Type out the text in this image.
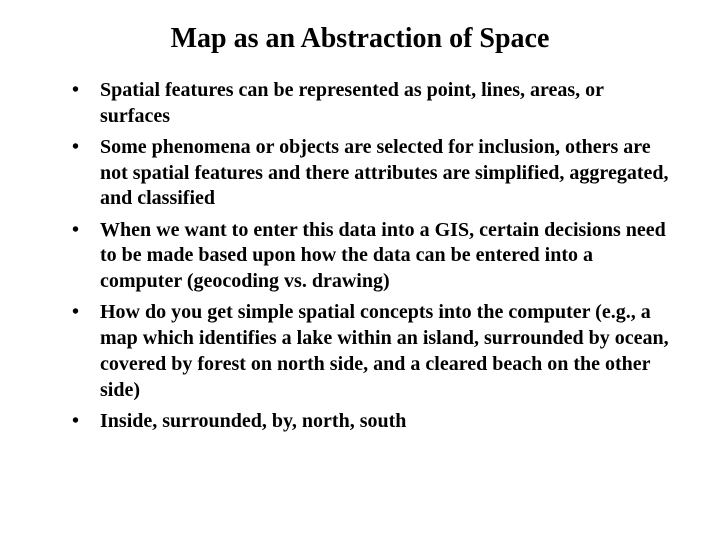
Map as an Abstraction of Space
•	Spatial features can be represented as point, lines, areas, or surfaces
•	Some phenomena or objects are selected for inclusion, others are not spatial features and there attributes are simplified, aggregated, and classified
•	When we want to enter this data into a GIS, certain decisions need to be made based upon how the data can be entered into a computer (geocoding vs. drawing)
•	How do you get simple spatial concepts into the computer (e.g., a map which identifies a lake within an island, surrounded by ocean, covered by forest on north side, and a cleared beach on the other side)
•	Inside, surrounded, by, north, south
